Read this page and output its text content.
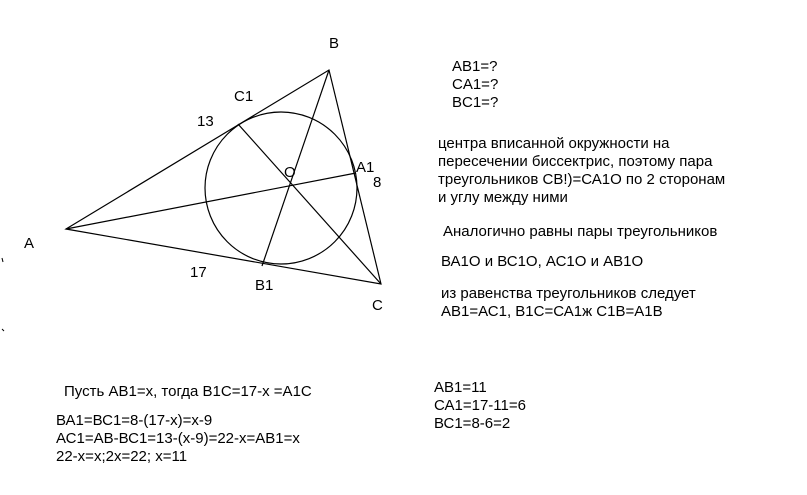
A
B
C
C1
A1
B1
O
13
17
8
AB1=?
CA1=?
BC1=?
центра вписанной окружности на
пересечении биссектрис, поэтому пара
треугольников СВ!)=СА1О по 2 сторонам
и углу между ними
Аналогично равны пары треугольников
ВА1О и ВС1О, АС1О и АВ1О
из равенства треугольников следует
АВ1=АС1, В1С=СА1ж С1В=А1В
Пусть АВ1=х, тогда В1С=17-х =А1С
ВА1=ВС1=8-(17-х)=х-9
АС1=АВ-ВС1=13-(х-9)=22-х=АВ1=х
22-х=х;2х=22; х=11
АВ1=11
СА1=17-11=6
ВС1=8-6=2
